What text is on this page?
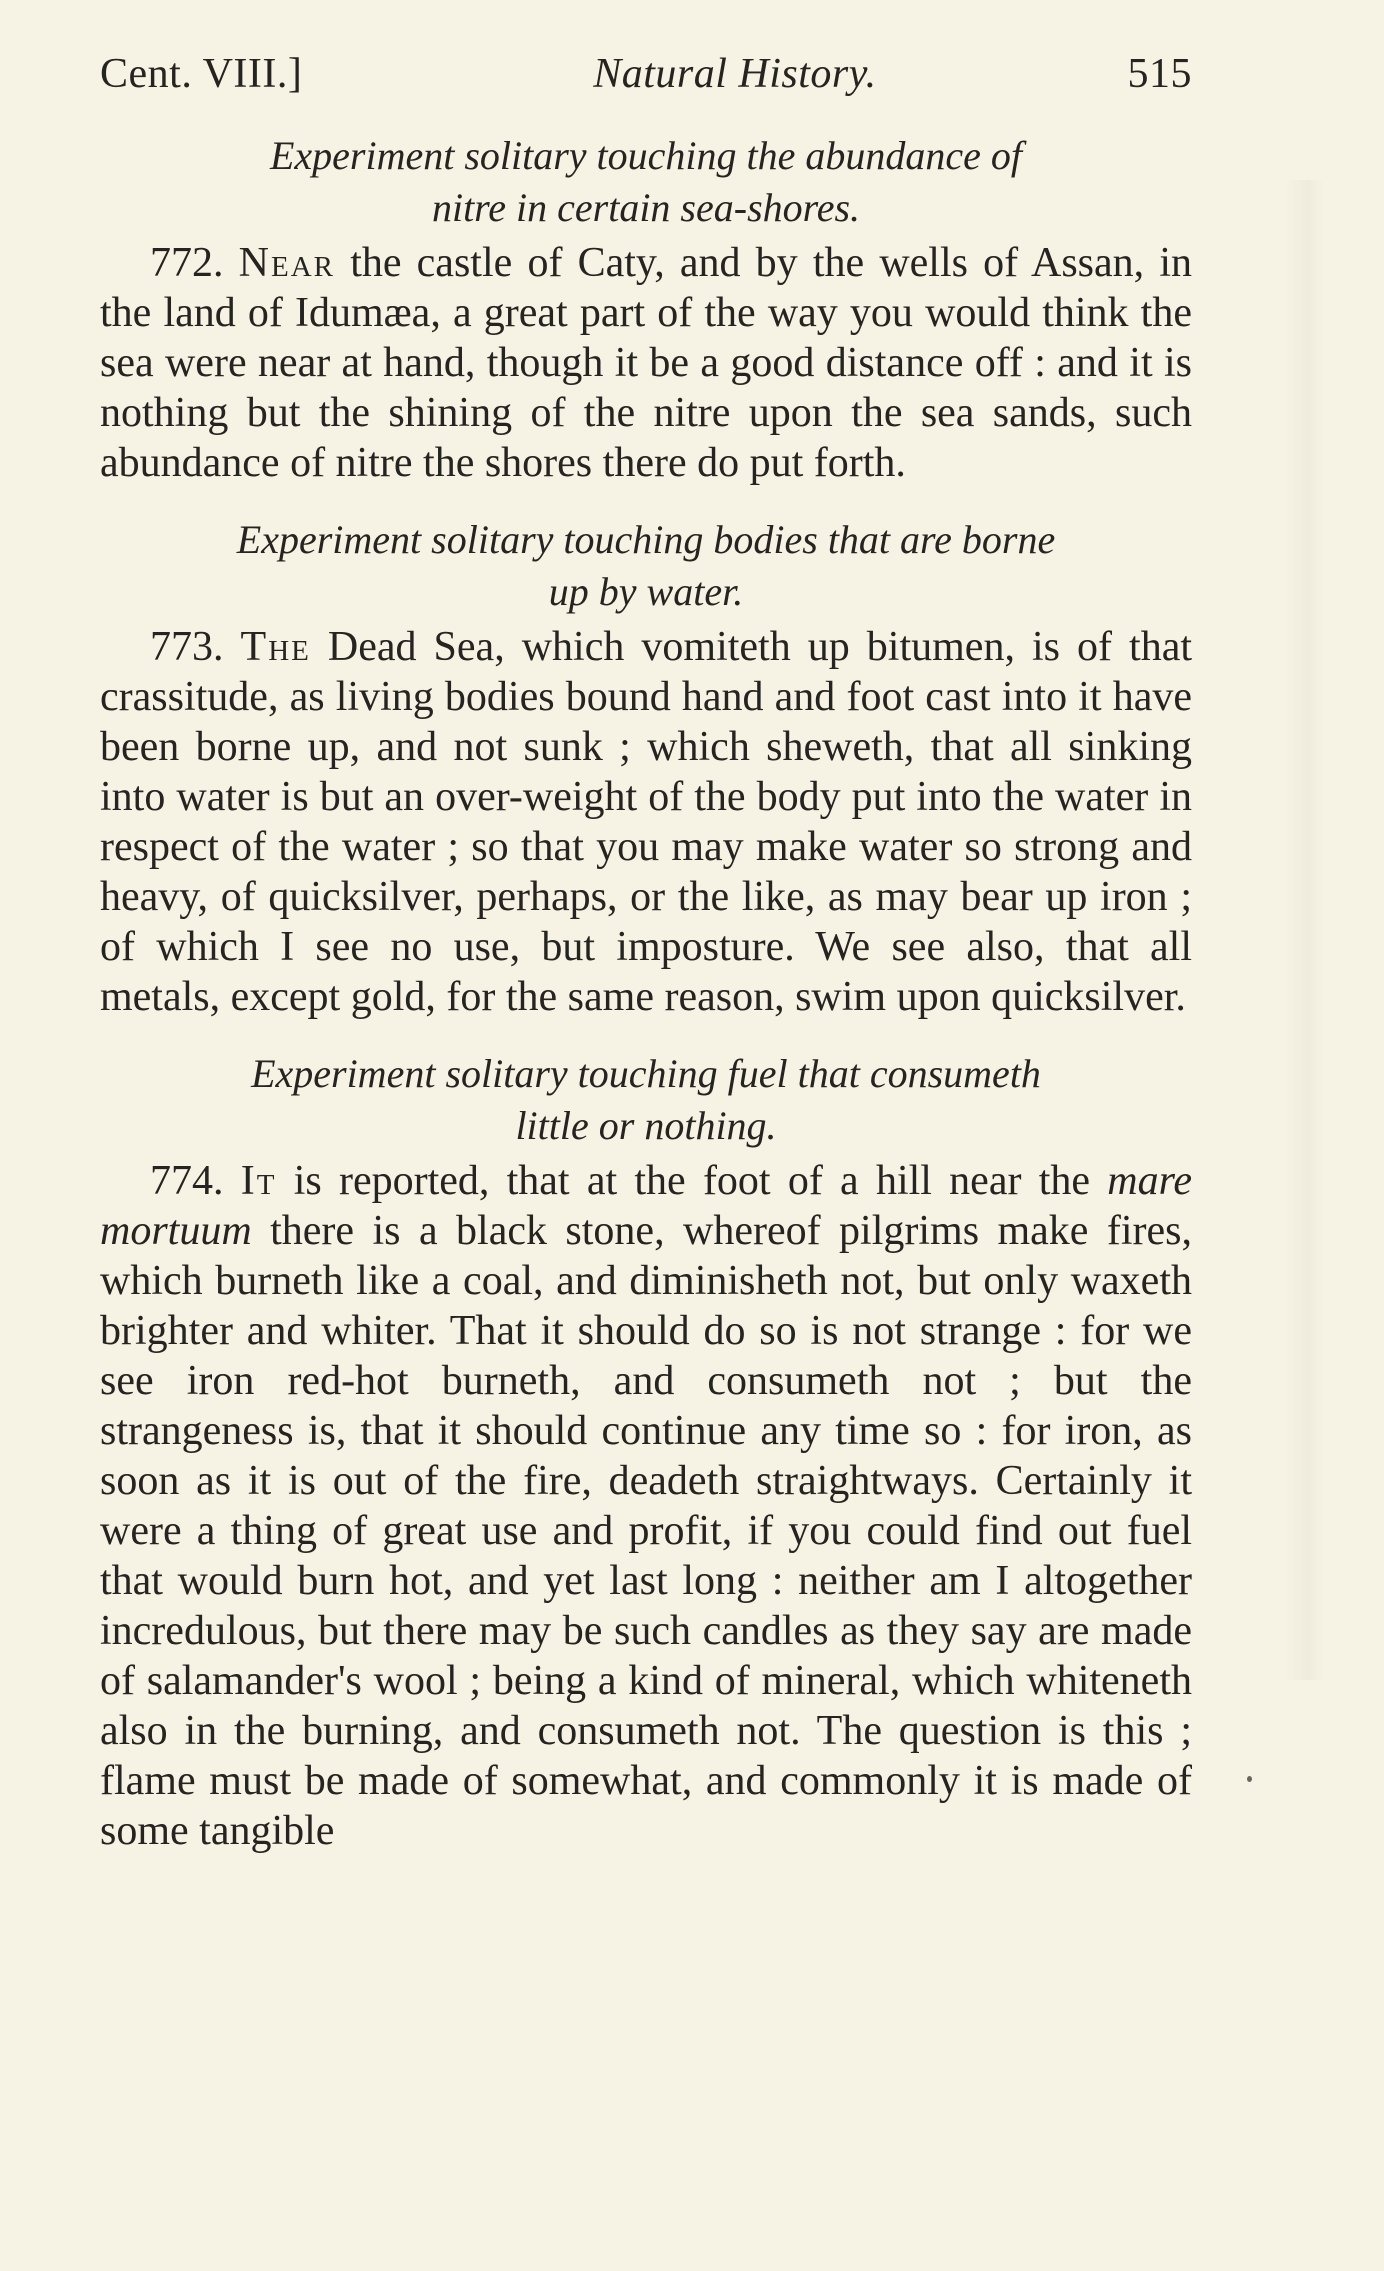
Cent. VIII.]	Natural History.	515
Experiment solitary touching the abundance of
nitre in certain sea-shores.

772. Near the castle of Caty, and by the wells of Assan, in the land of Idumæa, a great part of the way you would think the sea were near at hand, though it be a good distance off : and it is nothing but the shining of the nitre upon the sea sands, such abundance of nitre the shores there do put forth.

Experiment solitary touching bodies that are borne
up by water.

773. The Dead Sea, which vomiteth up bitumen, is of that crassitude, as living bodies bound hand and foot cast into it have been borne up, and not sunk ; which sheweth, that all sinking into water is but an over-weight of the body put into the water in respect of the water ; so that you may make water so strong and heavy, of quicksilver, perhaps, or the like, as may bear up iron ; of which I see no use, but imposture. We see also, that all metals, except gold, for the same reason, swim upon quicksilver.

Experiment solitary touching fuel that consumeth
little or nothing.

774. It is reported, that at the foot of a hill near the mare mortuum there is a black stone, whereof pilgrims make fires, which burneth like a coal, and diminisheth not, but only waxeth brighter and whiter. That it should do so is not strange : for we see iron red-hot burneth, and consumeth not ; but the strangeness is, that it should continue any time so : for iron, as soon as it is out of the fire, deadeth straightways. Certainly it were a thing of great use and profit, if you could find out fuel that would burn hot, and yet last long : neither am I altogether incredulous, but there may be such candles as they say are made of salamander's wool ; being a kind of mineral, which whiteneth also in the burning, and consumeth not. The question is this ; flame must be made of somewhat, and commonly it is made of some tangible
